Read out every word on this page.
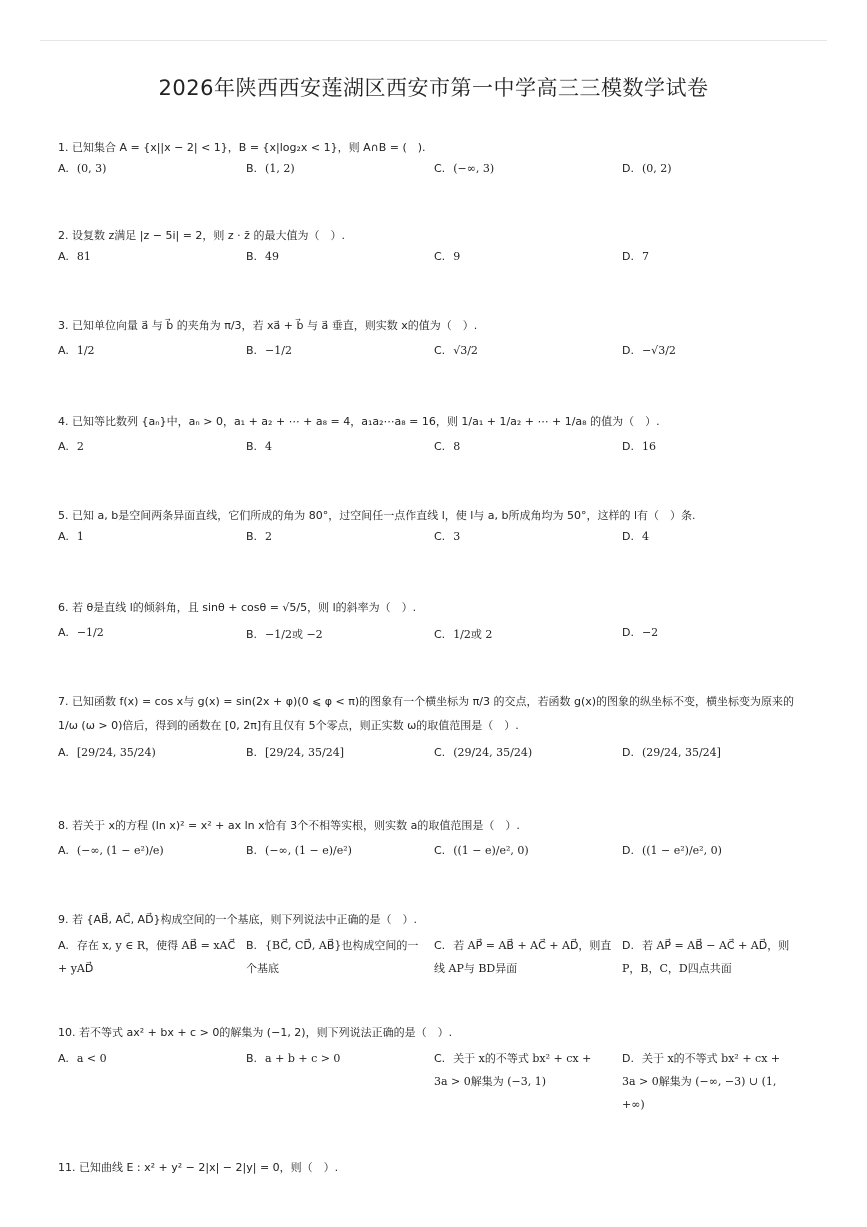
2026年陕西西安莲湖区西安市第一中学高三三模数学试卷
1. 已知集合 A = {x||x − 2| < 1}，B = {x|log₂x < 1}，则 A∩B = (　).
A. (0, 3)	B. (1, 2)	C. (−∞, 3)	D. (0, 2)
2. 设复数 z满足 |z − 5i| = 2，则 z · z̄ 的最大值为（　）.
A. 81	B. 49	C. 9	D. 7
3. 已知单位向量 a⃗ 与 b⃗ 的夹角为 π/3，若 xa⃗ + b⃗ 与 a⃗ 垂直，则实数 x的值为（　）.
A. 1/2	B. −1/2	C. √3/2	D. −√3/2
4. 已知等比数列 {aₙ}中，aₙ > 0，a₁ + a₂ + ⋯ + a₈ = 4，a₁a₂⋯a₈ = 16，则 1/a₁ + 1/a₂ + ⋯ + 1/a₈ 的值为（　）.
A. 2	B. 4	C. 8	D. 16
5. 已知 a, b是空间两条异面直线，它们所成的角为 80°，过空间任一点作直线 l，使 l与 a, b所成角均为 50°，这样的 l有（　）条.
A. 1	B. 2	C. 3	D. 4
6. 若 θ是直线 l的倾斜角，且 sinθ + cosθ = √5/5，则 l的斜率为（　）.
A. −1/2	B. −1/2或 −2	C. 1/2或 2	D. −2
7. 已知函数 f(x) = cos x与 g(x) = sin(2x + φ)(0 ⩽ φ < π)的图象有一个横坐标为 π/3 的交点，若函数 g(x)的图象的纵坐标不变，横坐标变为原来的
1/ω (ω > 0)倍后，得到的函数在 [0, 2π]有且仅有 5个零点，则正实数 ω的取值范围是（　）.
A. [29/24, 35/24)	B. [29/24, 35/24]	C. (29/24, 35/24)	D. (29/24, 35/24]
8. 若关于 x的方程 (ln x)² = x² + ax ln x恰有 3个不相等实根，则实数 a的取值范围是（　）.
A. (−∞, (1 − e²)/e)	B. (−∞, (1 − e)/e²)	C. ((1 − e)/e², 0)	D. ((1 − e²)/e², 0)
9. 若 {AB⃗, AC⃗, AD⃗}构成空间的一个基底，则下列说法中正确的是（　）.
A. 存在 x, y ∈ R，使得 AB⃗ = xAC⃗ + yAD⃗
B. {BC⃗, CD⃗, AB⃗}也构成空间的一个基底
C. 若 AP⃗ = AB⃗ + AC⃗ + AD⃗，则直线 AP与 BD异面
D. 若 AP⃗ = AB⃗ − AC⃗ + AD⃗，则 P，B，C，D四点共面
10. 若不等式 ax² + bx + c > 0的解集为 (−1, 2)，则下列说法正确的是（　）.
A. a < 0	B. a + b + c > 0	C. 关于 x的不等式 bx² + cx + 3a > 0解集为 (−3, 1)
D. 关于 x的不等式 bx² + cx + 3a > 0解集为 (−∞, −3) ∪ (1, +∞)
11. 已知曲线 E : x² + y² − 2|x| − 2|y| = 0，则（　）.
